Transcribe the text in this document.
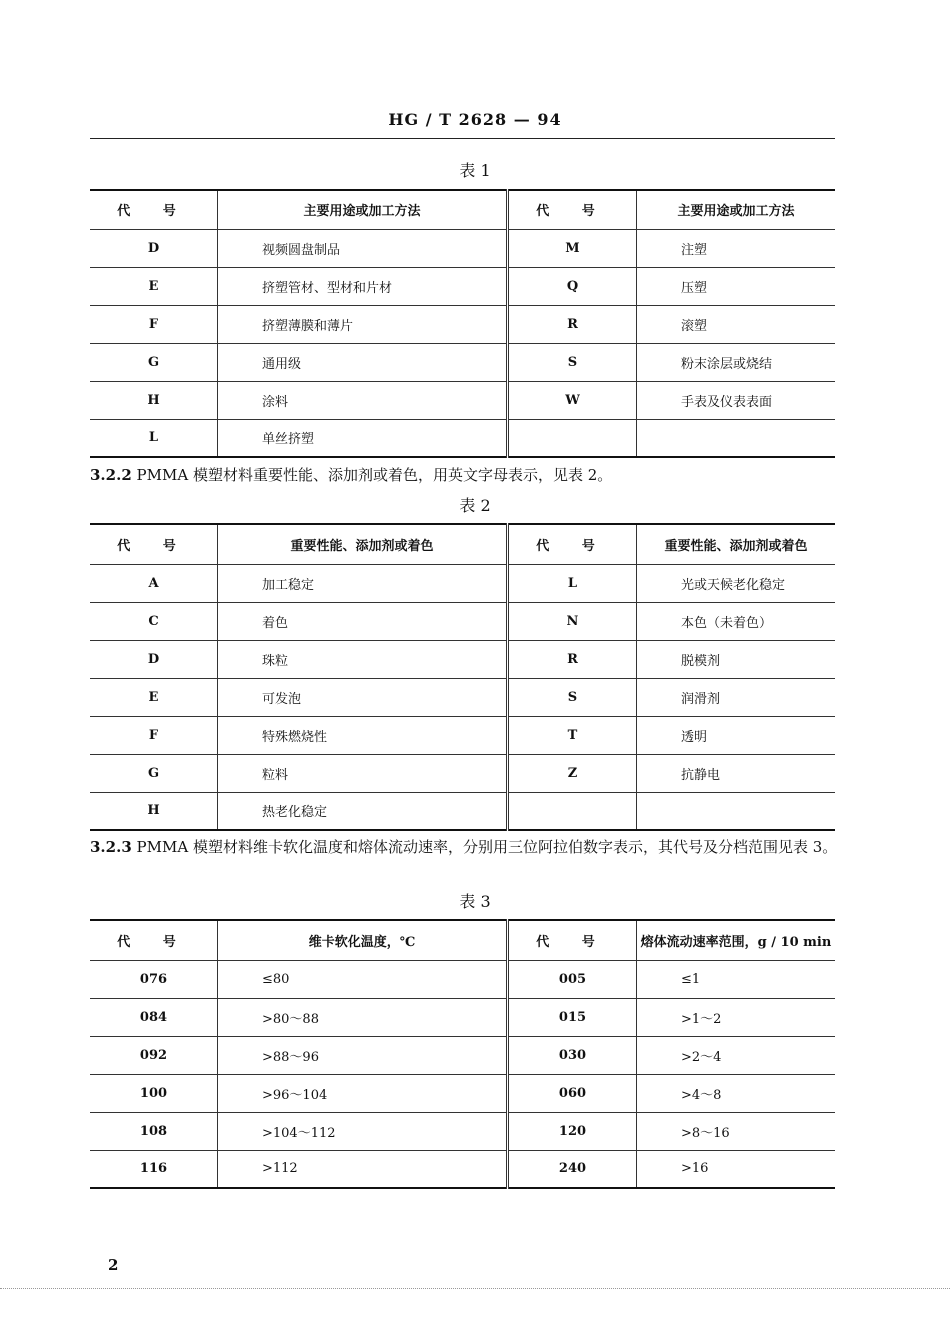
HG / T 2628 — 94
表 1
代 号	主要用途或加工方法	代 号	主要用途或加工方法
D	视频圆盘制品	M	注塑
E	挤塑管材、型材和片材	Q	压塑
F	挤塑薄膜和薄片	R	滚塑
G	通用级	S	粉末涂层或烧结
H	涂料	W	手表及仪表表面
L	单丝挤塑		
3.2.2 PMMA 模塑材料重要性能、添加剂或着色，用英文字母表示，见表 2。
表 2
代 号	重要性能、添加剂或着色	代 号	重要性能、添加剂或着色
A	加工稳定	L	光或天候老化稳定
C	着色	N	本色（未着色）
D	珠粒	R	脱模剂
E	可发泡	S	润滑剂
F	特殊燃烧性	T	透明
G	粒料	Z	抗静电
H	热老化稳定		
3.2.3 PMMA 模塑材料维卡软化温度和熔体流动速率，分别用三位阿拉伯数字表示，其代号及分档范围见表 3。
表 3
代 号	维卡软化温度，℃	代 号	熔体流动速率范围，g / 10 min
076	≤80	005	≤1
084	>80～88	015	>1～2
092	>88～96	030	>2～4
100	>96～104	060	>4～8
108	>104～112	120	>8～16
116	>112	240	>16
2
